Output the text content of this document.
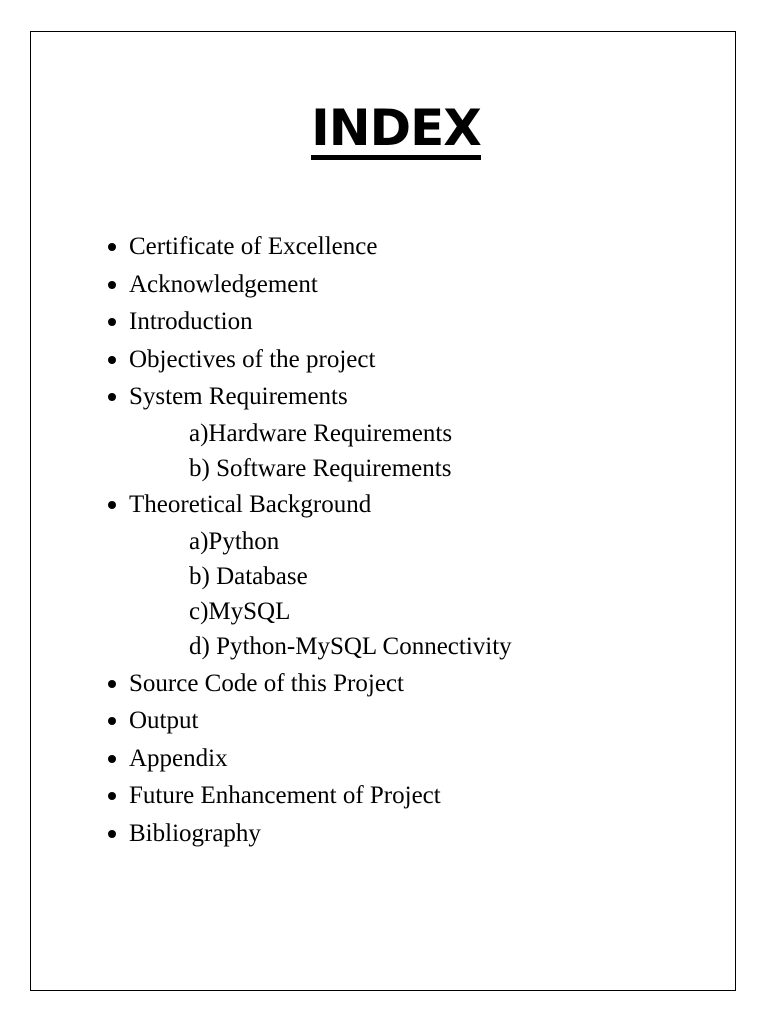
INDEX
Certificate of Excellence
Acknowledgement
Introduction
Objectives of the project
System Requirements
a)Hardware Requirements
b) Software Requirements
Theoretical Background
a)Python
b) Database
c)MySQL
d) Python-MySQL Connectivity
Source Code of this Project
Output
Appendix
Future Enhancement of Project
Bibliography
